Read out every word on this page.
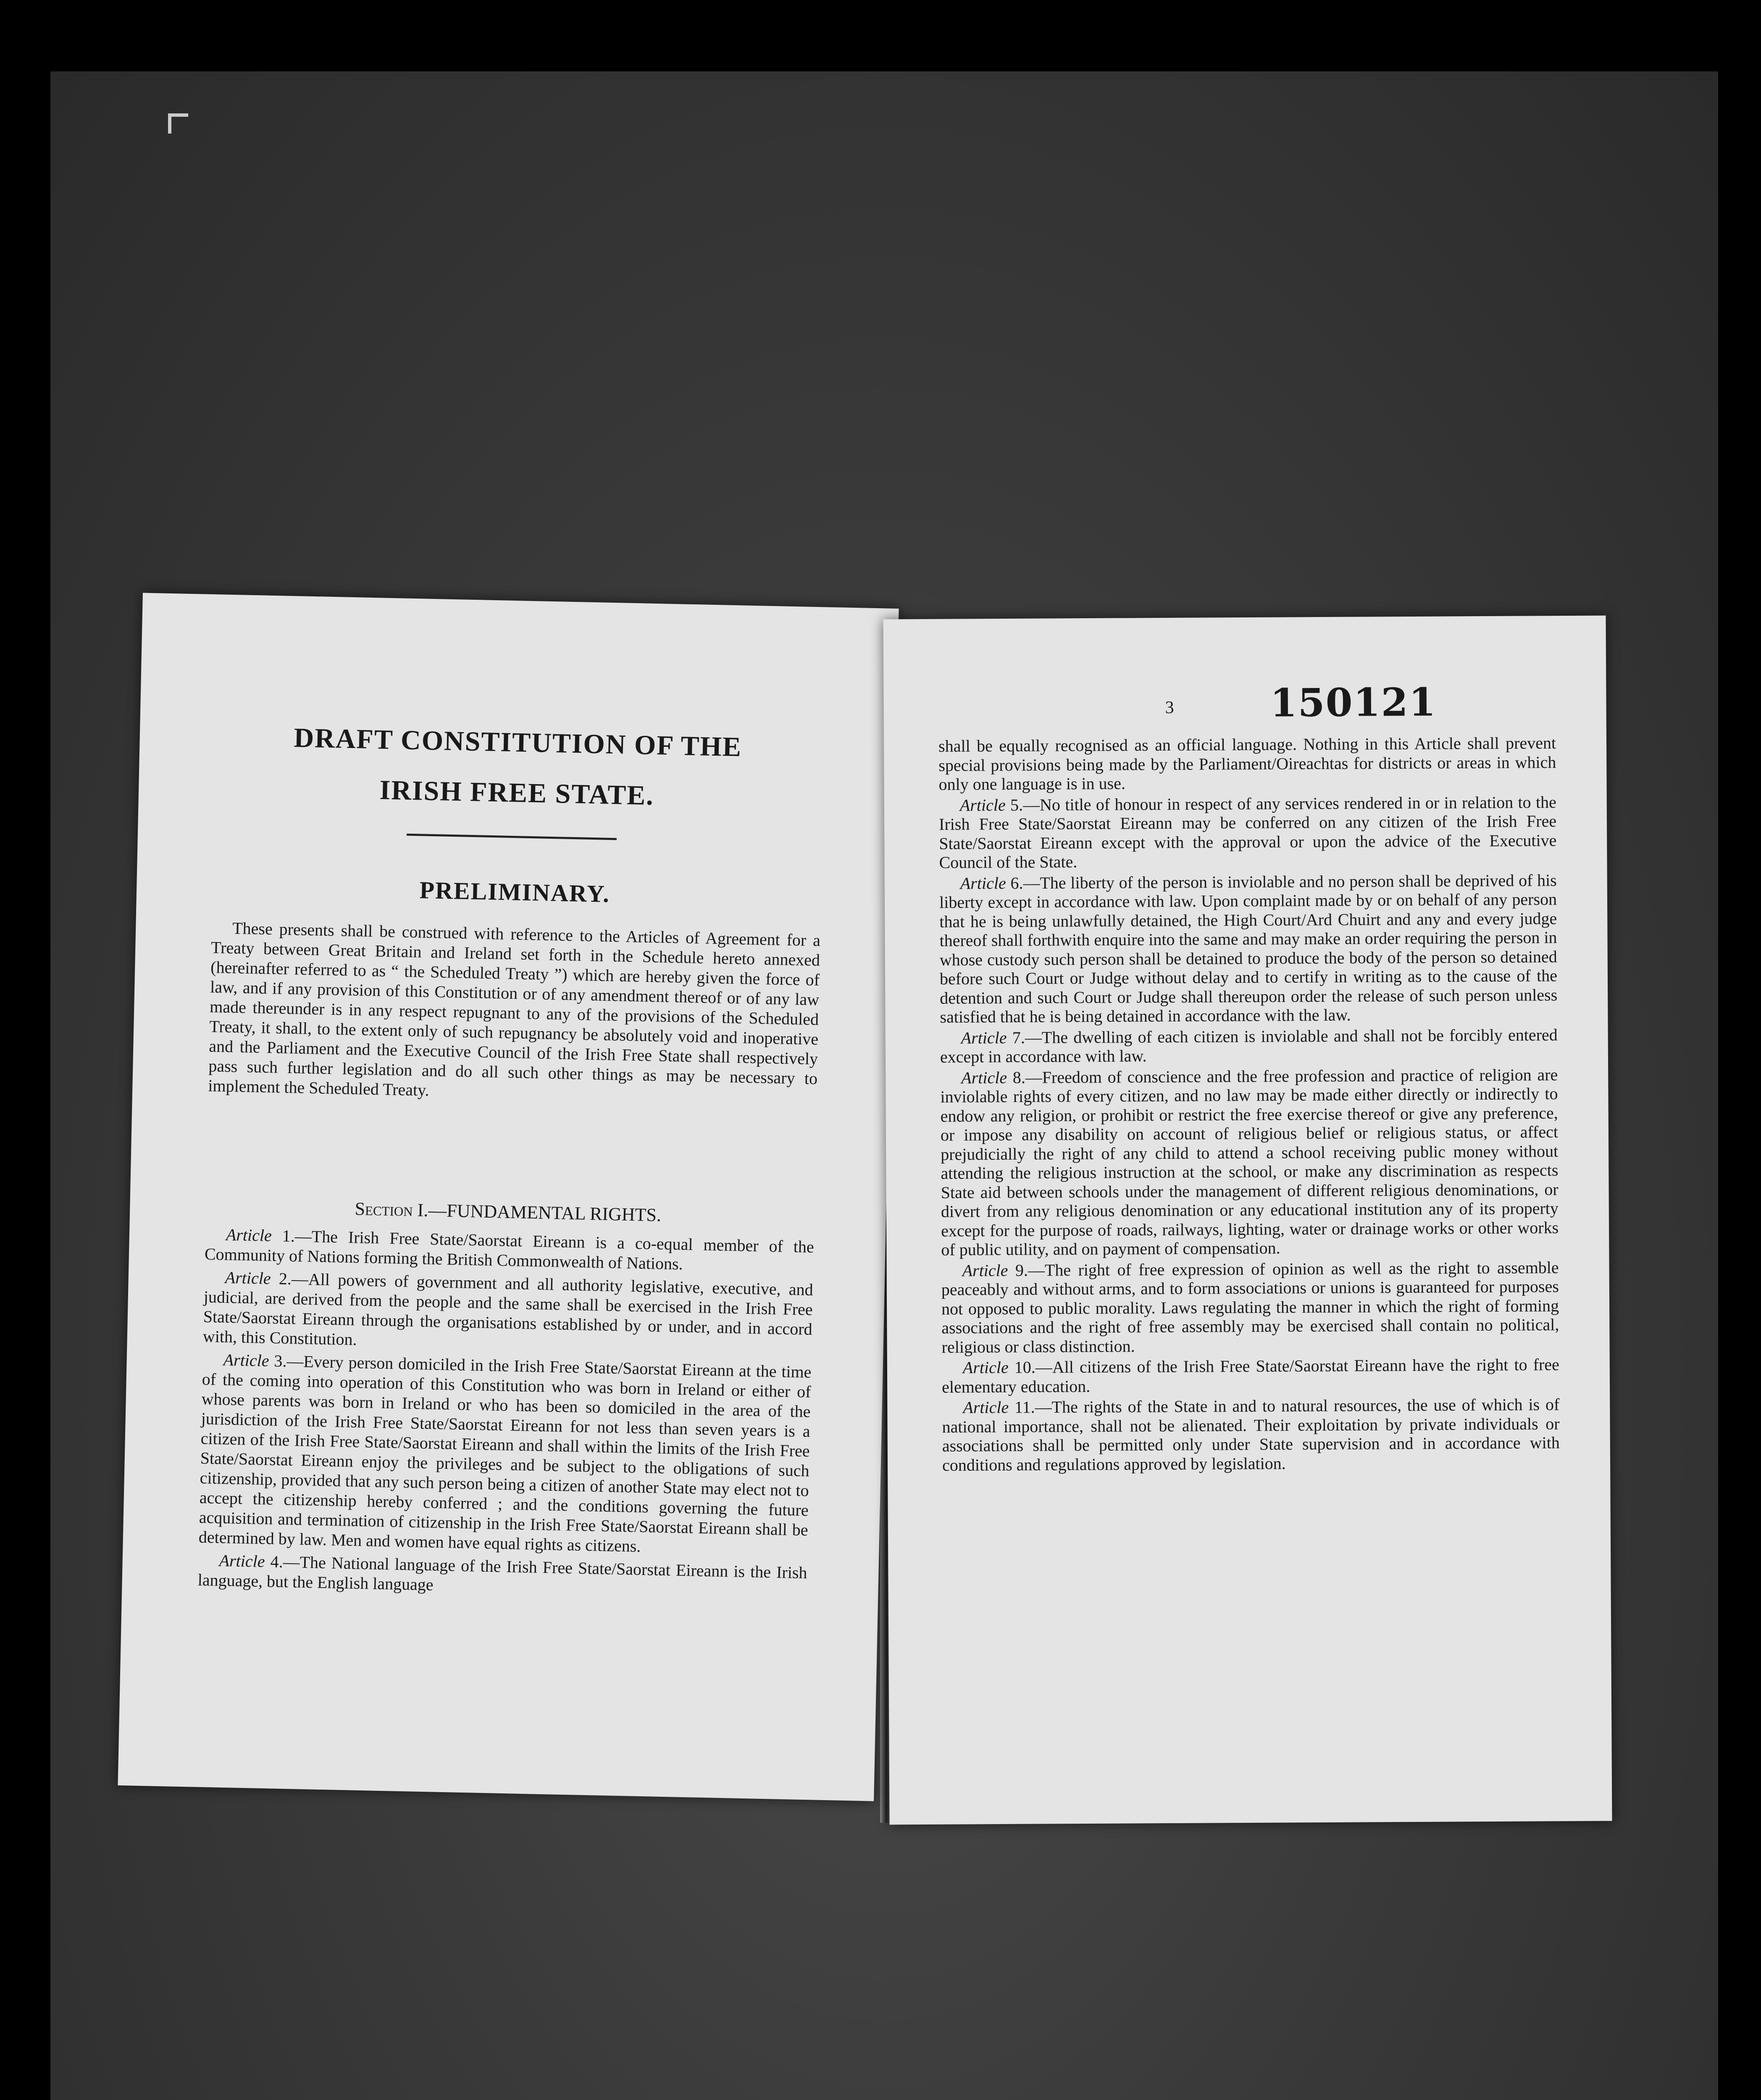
DRAFT CONSTITUTION OF THE
IRISH FREE STATE.
PRELIMINARY.
These presents shall be construed with reference to the Articles of Agreement for a Treaty between Great Britain and Ireland set forth in the Schedule hereto annexed (hereinafter referred to as “ the Scheduled Treaty ”) which are hereby given the force of law, and if any provision of this Constitution or of any amendment thereof or of any law made thereunder is in any respect repugnant to any of the provisions of the Scheduled Treaty, it shall, to the extent only of such repugnancy be absolutely void and inoperative and the Parliament and the Executive Council of the Irish Free State shall respectively pass such further legislation and do all such other things as may be necessary to implement the Scheduled Treaty.
Section I.—FUNDAMENTAL RIGHTS.

Article 1.—The Irish Free State/Saorstat Eireann is a co-equal member of the Community of Nations forming the British Commonwealth of Nations.

Article 2.—All powers of government and all authority legislative, executive, and judicial, are derived from the people and the same shall be exercised in the Irish Free State/Saorstat Eireann through the organisations established by or under, and in accord with, this Constitution.

Article 3.—Every person domiciled in the Irish Free State/Saorstat Eireann at the time of the coming into operation of this Constitution who was born in Ireland or either of whose parents was born in Ireland or who has been so domiciled in the area of the jurisdiction of the Irish Free State/Saorstat Eireann for not less than seven years is a citizen of the Irish Free State/Saorstat Eireann and shall within the limits of the Irish Free State/Saorstat Eireann enjoy the privileges and be subject to the obligations of such citizenship, provided that any such person being a citizen of another State may elect not to accept the citizenship hereby conferred ; and the conditions governing the future acquisition and termination of citizenship in the Irish Free State/Saorstat Eireann shall be determined by law. Men and women have equal rights as citizens.

Article 4.—The National language of the Irish Free State/Saorstat Eireann is the Irish language, but the English language

3 150121

shall be equally recognised as an official language. Nothing in this Article shall prevent special provisions being made by the Parliament/Oireachtas for districts or areas in which only one language is in use.

Article 5.—No title of honour in respect of any services rendered in or in relation to the Irish Free State/Saorstat Eireann may be conferred on any citizen of the Irish Free State/Saorstat Eireann except with the approval or upon the advice of the Executive Council of the State.

Article 6.—The liberty of the person is inviolable and no person shall be deprived of his liberty except in accordance with law. Upon complaint made by or on behalf of any person that he is being unlawfully detained, the High Court/Ard Chuirt and any and every judge thereof shall forthwith enquire into the same and may make an order requiring the person in whose custody such person shall be detained to produce the body of the person so detained before such Court or Judge without delay and to certify in writing as to the cause of the detention and such Court or Judge shall thereupon order the release of such person unless satisfied that he is being detained in accordance with the law.

Article 7.—The dwelling of each citizen is inviolable and shall not be forcibly entered except in accordance with law.

Article 8.—Freedom of conscience and the free profession and practice of religion are inviolable rights of every citizen, and no law may be made either directly or indirectly to endow any religion, or prohibit or restrict the free exercise thereof or give any preference, or impose any disability on account of religious belief or religious status, or affect prejudicially the right of any child to attend a school receiving public money without attending the religious instruction at the school, or make any discrimination as respects State aid between schools under the management of different religious denominations, or divert from any religious denomination or any educational institution any of its property except for the purpose of roads, railways, lighting, water or drainage works or other works of public utility, and on payment of compensation.

Article 9.—The right of free expression of opinion as well as the right to assemble peaceably and without arms, and to form associations or unions is guaranteed for purposes not opposed to public morality. Laws regulating the manner in which the right of forming associations and the right of free assembly may be exercised shall contain no political, religious or class distinction.

Article 10.—All citizens of the Irish Free State/Saorstat Eireann have the right to free elementary education.

Article 11.—The rights of the State in and to natural resources, the use of which is of national importance, shall not be alienated. Their exploitation by private individuals or associations shall be permitted only under State supervision and in accordance with conditions and regulations approved by legislation.
